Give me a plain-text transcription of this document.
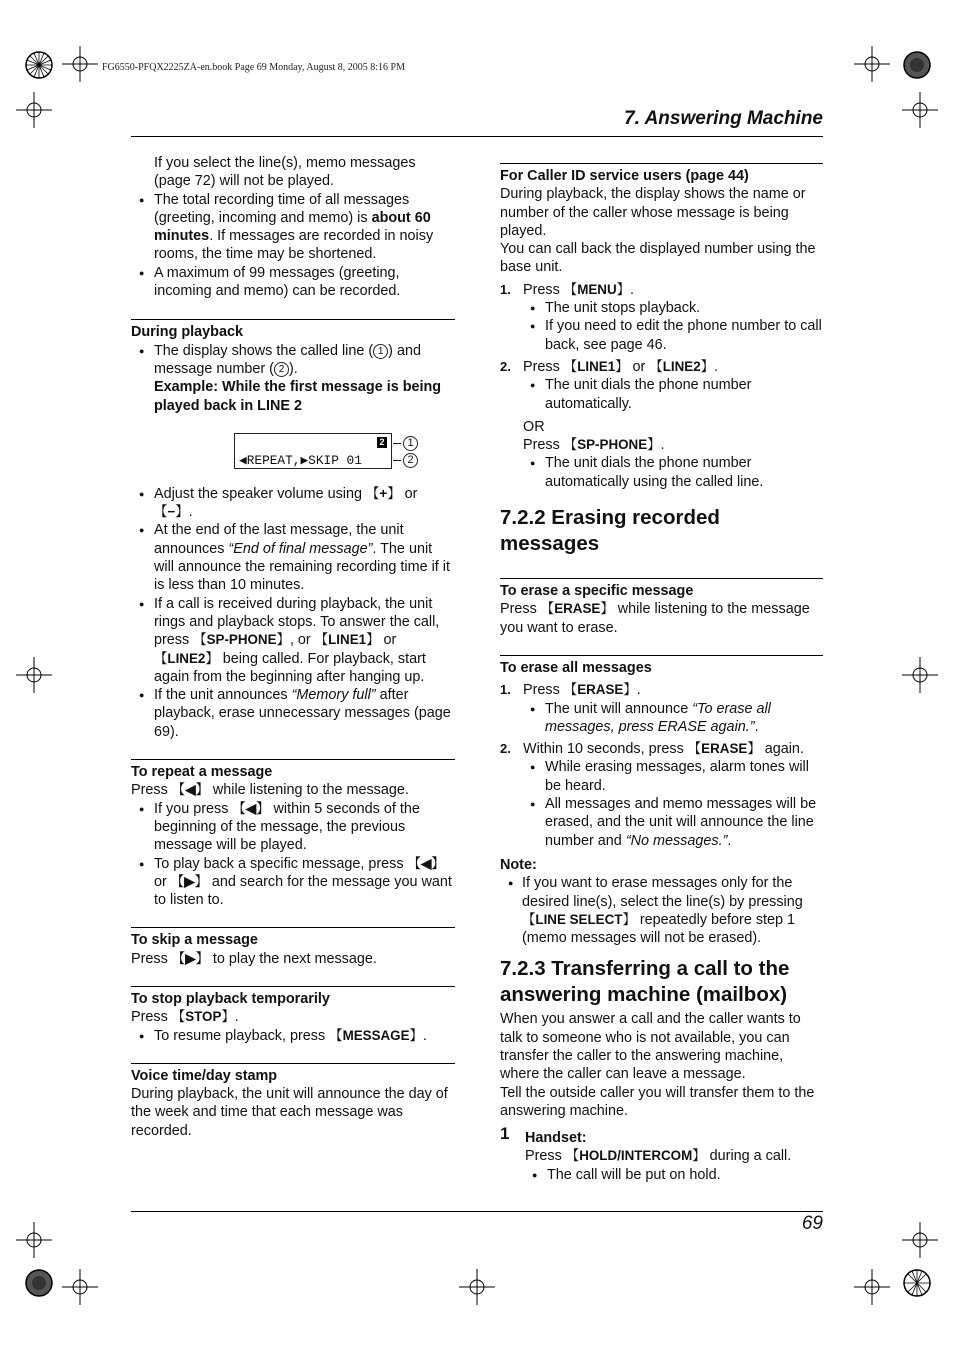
FG6550-PFQX2225ZA-en.book Page 69 Monday, August 8, 2005 8:16 PM
7. Answering Machine

If you select the line(s), memo messages (page 72) will not be played.

● The total recording time of all messages (greeting, incoming and memo) is about 60 minutes. If messages are recorded in noisy rooms, the time may be shortened.

● A maximum of 99 messages (greeting, incoming and memo) can be recorded.

During playback

● The display shows the called line ( 1 ) and message number ( 2 ).

Example: While the first message is being played back in LINE 2

2
◀REPEAT,▶SKIP 01
1
2

● Adjust the speaker volume using 【 + 】 or 【 − 】 .

● At the end of the last message, the unit announces “End of final message”. The unit will announce the remaining recording time if it is less than 10 minutes.

● If a call is received during playback, the unit rings and playback stops. To answer the call, press 【 SP-PHONE 】 , or 【 LINE1 】 or 【 LINE2 】 being called. For playback, start again from the beginning after hanging up.

● If the unit announces “Memory full” after playback, erase unnecessary messages (page 69).

To repeat a message

Press 【 ◀ 】 while listening to the message.

● If you press 【 ◀ 】 within 5 seconds of the beginning of the message, the previous message will be played.

● To play back a specific message, press 【 ◀ 】 or 【 ▶ 】 and search for the message you want to listen to.

To skip a message

Press 【 ▶ 】 to play the next message.

To stop playback temporarily

Press 【 STOP 】 .

● To resume playback, press 【 MESSAGE 】 .

Voice time/day stamp

During playback, the unit will announce the day of the week and time that each message was recorded.

For Caller ID service users (page 44)

During playback, the display shows the name or number of the caller whose message is being played.

You can call back the displayed number using the base unit.

1. Press 【 MENU 】 .

● The unit stops playback.

● If you need to edit the phone number to call back, see page 46.

2. Press 【 LINE1 】 or 【 LINE2 】 .

● The unit dials the phone number automatically.

OR

Press 【 SP-PHONE 】 .

● The unit dials the phone number automatically using the called line.

7.2.2 Erasing recorded messages
To erase a specific message

Press 【 ERASE 】 while listening to the message you want to erase.

To erase all messages

1. Press 【 ERASE 】 .

● The unit will announce “To erase all messages, press ERASE again.”.

2. Within 10 seconds, press 【 ERASE 】 again.

● While erasing messages, alarm tones will be heard.

● All messages and memo messages will be erased, and the unit will announce the line number and “No messages.”.

Note:

● If you want to erase messages only for the desired line(s), select the line(s) by pressing 【 LINE SELECT 】 repeatedly before step 1 (memo messages will not be erased).

7.2.3 Transferring a call to the answering machine (mailbox)

When you answer a call and the caller wants to talk to someone who is not available, you can transfer the caller to the answering machine, where the caller can leave a message.

Tell the outside caller you will transfer them to the answering machine.

1 Handset:

Press 【 HOLD/INTERCOM 】 during a call.

● The call will be put on hold.

69
